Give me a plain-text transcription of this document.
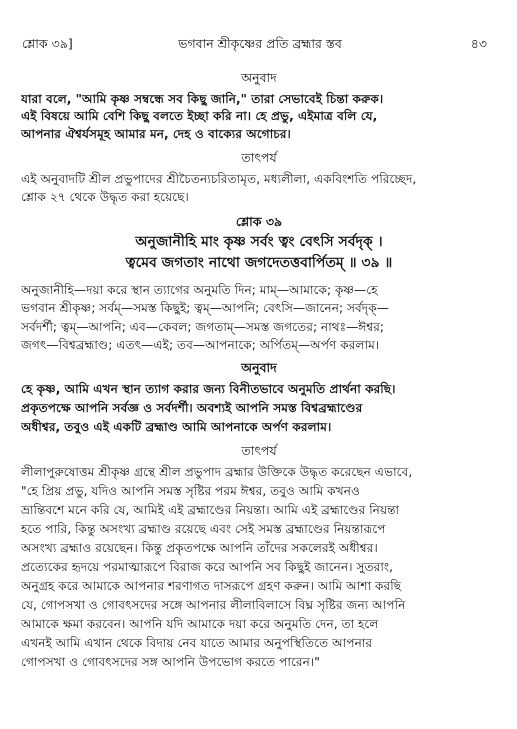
শ্লোক ৩৯]	ভগবান শ্রীকৃষ্ণের প্রতি ব্রহ্মার স্তব	৪৩
অনুবাদ
যারা বলে, "আমি কৃষ্ণ সম্বন্ধে সব কিছু জানি," তারা সেভাবেই চিন্তা করুক।
এই বিষয়ে আমি বেশি কিছু বলতে ইচ্ছা করি না। হে প্রভু, এইমাত্র বলি যে,
আপনার ঐশ্বর্যসমূহ আমার মন, দেহ ও বাক্যের অগোচর।
তাৎপর্য
এই অনুবাদটি শ্রীল প্রভুপাদের শ্রীচৈতন্যচরিতামৃত, মধ্যলীলা, একবিংশতি পরিচ্ছেদ,
শ্লোক ২৭ থেকে উদ্ধৃত করা হয়েছে।
শ্লোক ৩৯
অনুজানীহি মাং কৃষ্ণ সর্বং ত্বং বেৎসি সর্বদৃক্ ।
ত্বমেব জগতাং নাথো জগদেতত্তবার্পিতম্ ॥ ৩৯ ॥
অনুজানীহি—দয়া করে স্থান ত্যাগের অনুমতি দিন; মাম্—আমাকে; কৃষ্ণ—হে
ভগবান শ্রীকৃষ্ণ; সর্বম্—সমস্ত কিছুই; ত্বম্—আপনি; বেৎসি—জানেন; সর্বদৃক্—
সর্বদর্শী; ত্বম্—আপনি; এব—কেবল; জগতাম্—সমস্ত জগতের; নাথঃ—ঈশ্বর;
জগৎ—বিশ্বব্রহ্মাণ্ড; এতৎ—এই; তব—আপনাকে; অর্পিতম্—অর্পণ করলাম।
অনুবাদ
হে কৃষ্ণ, আমি এখন স্থান ত্যাগ করার জন্য বিনীতভাবে অনুমতি প্রার্থনা করছি।
প্রকৃতপক্ষে আপনি সর্বজ্ঞ ও সর্বদর্শী। অবশ্যই আপনি সমস্ত বিশ্বব্রহ্মাণ্ডের
অধীশ্বর, তবুও এই একটি ব্রহ্মাণ্ড আমি আপনাকে অর্পণ করলাম।
তাৎপর্য
লীলাপুরুষোত্তম শ্রীকৃষ্ণ গ্রন্থে শ্রীল প্রভুপাদ ব্রহ্মার উক্তিকে উদ্ধৃত করেছেন এভাবে,
"হে প্রিয় প্রভু, যদিও আপনি সমস্ত সৃষ্টির পরম ঈশ্বর, তবুও আমি কখনও
ভ্রান্তিবশে মনে করি যে, আমিই এই ব্রহ্মাণ্ডের নিয়ন্তা। আমি এই ব্রহ্মাণ্ডের নিয়ন্তা
হতে পারি, কিন্তু অসংখ্য ব্রহ্মাণ্ড রয়েছে এবং সেই সমস্ত ব্রহ্মাণ্ডের নিয়ন্তারূপে
অসংখ্য ব্রহ্মাও রয়েছেন। কিন্তু প্রকৃতপক্ষে আপনি তাঁদের সকলেরই অধীশ্বর।
প্রত্যেকের হৃদয়ে পরমাত্মারূপে বিরাজ করে আপনি সব কিছুই জানেন। সুতরাং,
অনুগ্রহ করে আমাকে আপনার শরণাগত দাসরূপে গ্রহণ করুন। আমি আশা করছি
যে, গোপসখা ও গোবৎসদের সঙ্গে আপনার লীলাবিলাসে বিঘ্ন সৃষ্টির জন্য আপনি
আমাকে ক্ষমা করবেন। আপনি যদি আমাকে দয়া করে অনুমতি দেন, তা হলে
এখনই আমি এখান থেকে বিদায় নেব যাতে আমার অনুপস্থিতিতে আপনার
গোপসখা ও গোবৎসদের সঙ্গ আপনি উপভোগ করতে পারেন।"
